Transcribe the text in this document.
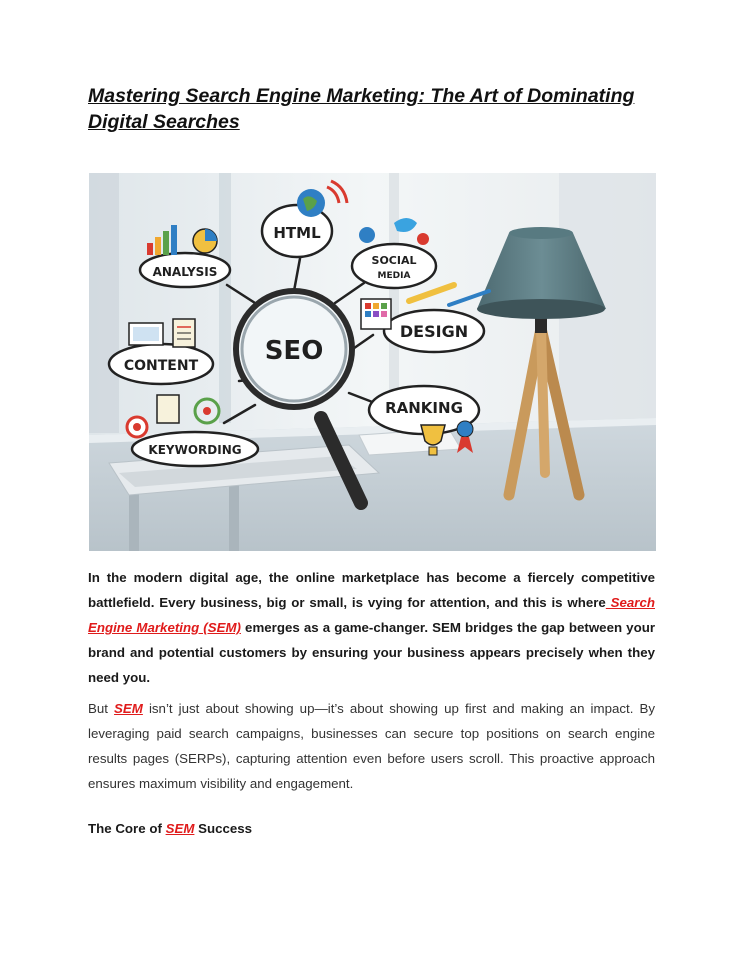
Mastering Search Engine Marketing: The Art of Dominating Digital Searches
SEO
HTML
ANALYSIS
SOCIAL
MEDIA
DESIGN
CONTENT
RANKING
KEYWORDING

In the modern digital age, the online marketplace has become a fiercely competitive battlefield. Every business, big or small, is vying for attention, and this is where Search Engine Marketing (SEM) emerges as a game-changer. SEM bridges the gap between your brand and potential customers by ensuring your business appears precisely when they need you.

But SEM isn’t just about showing up—it’s about showing up first and making an impact. By leveraging paid search campaigns, businesses can secure top positions on search engine results pages (SERPs), capturing attention even before users scroll. This proactive approach ensures maximum visibility and engagement.

The Core of SEM Success
